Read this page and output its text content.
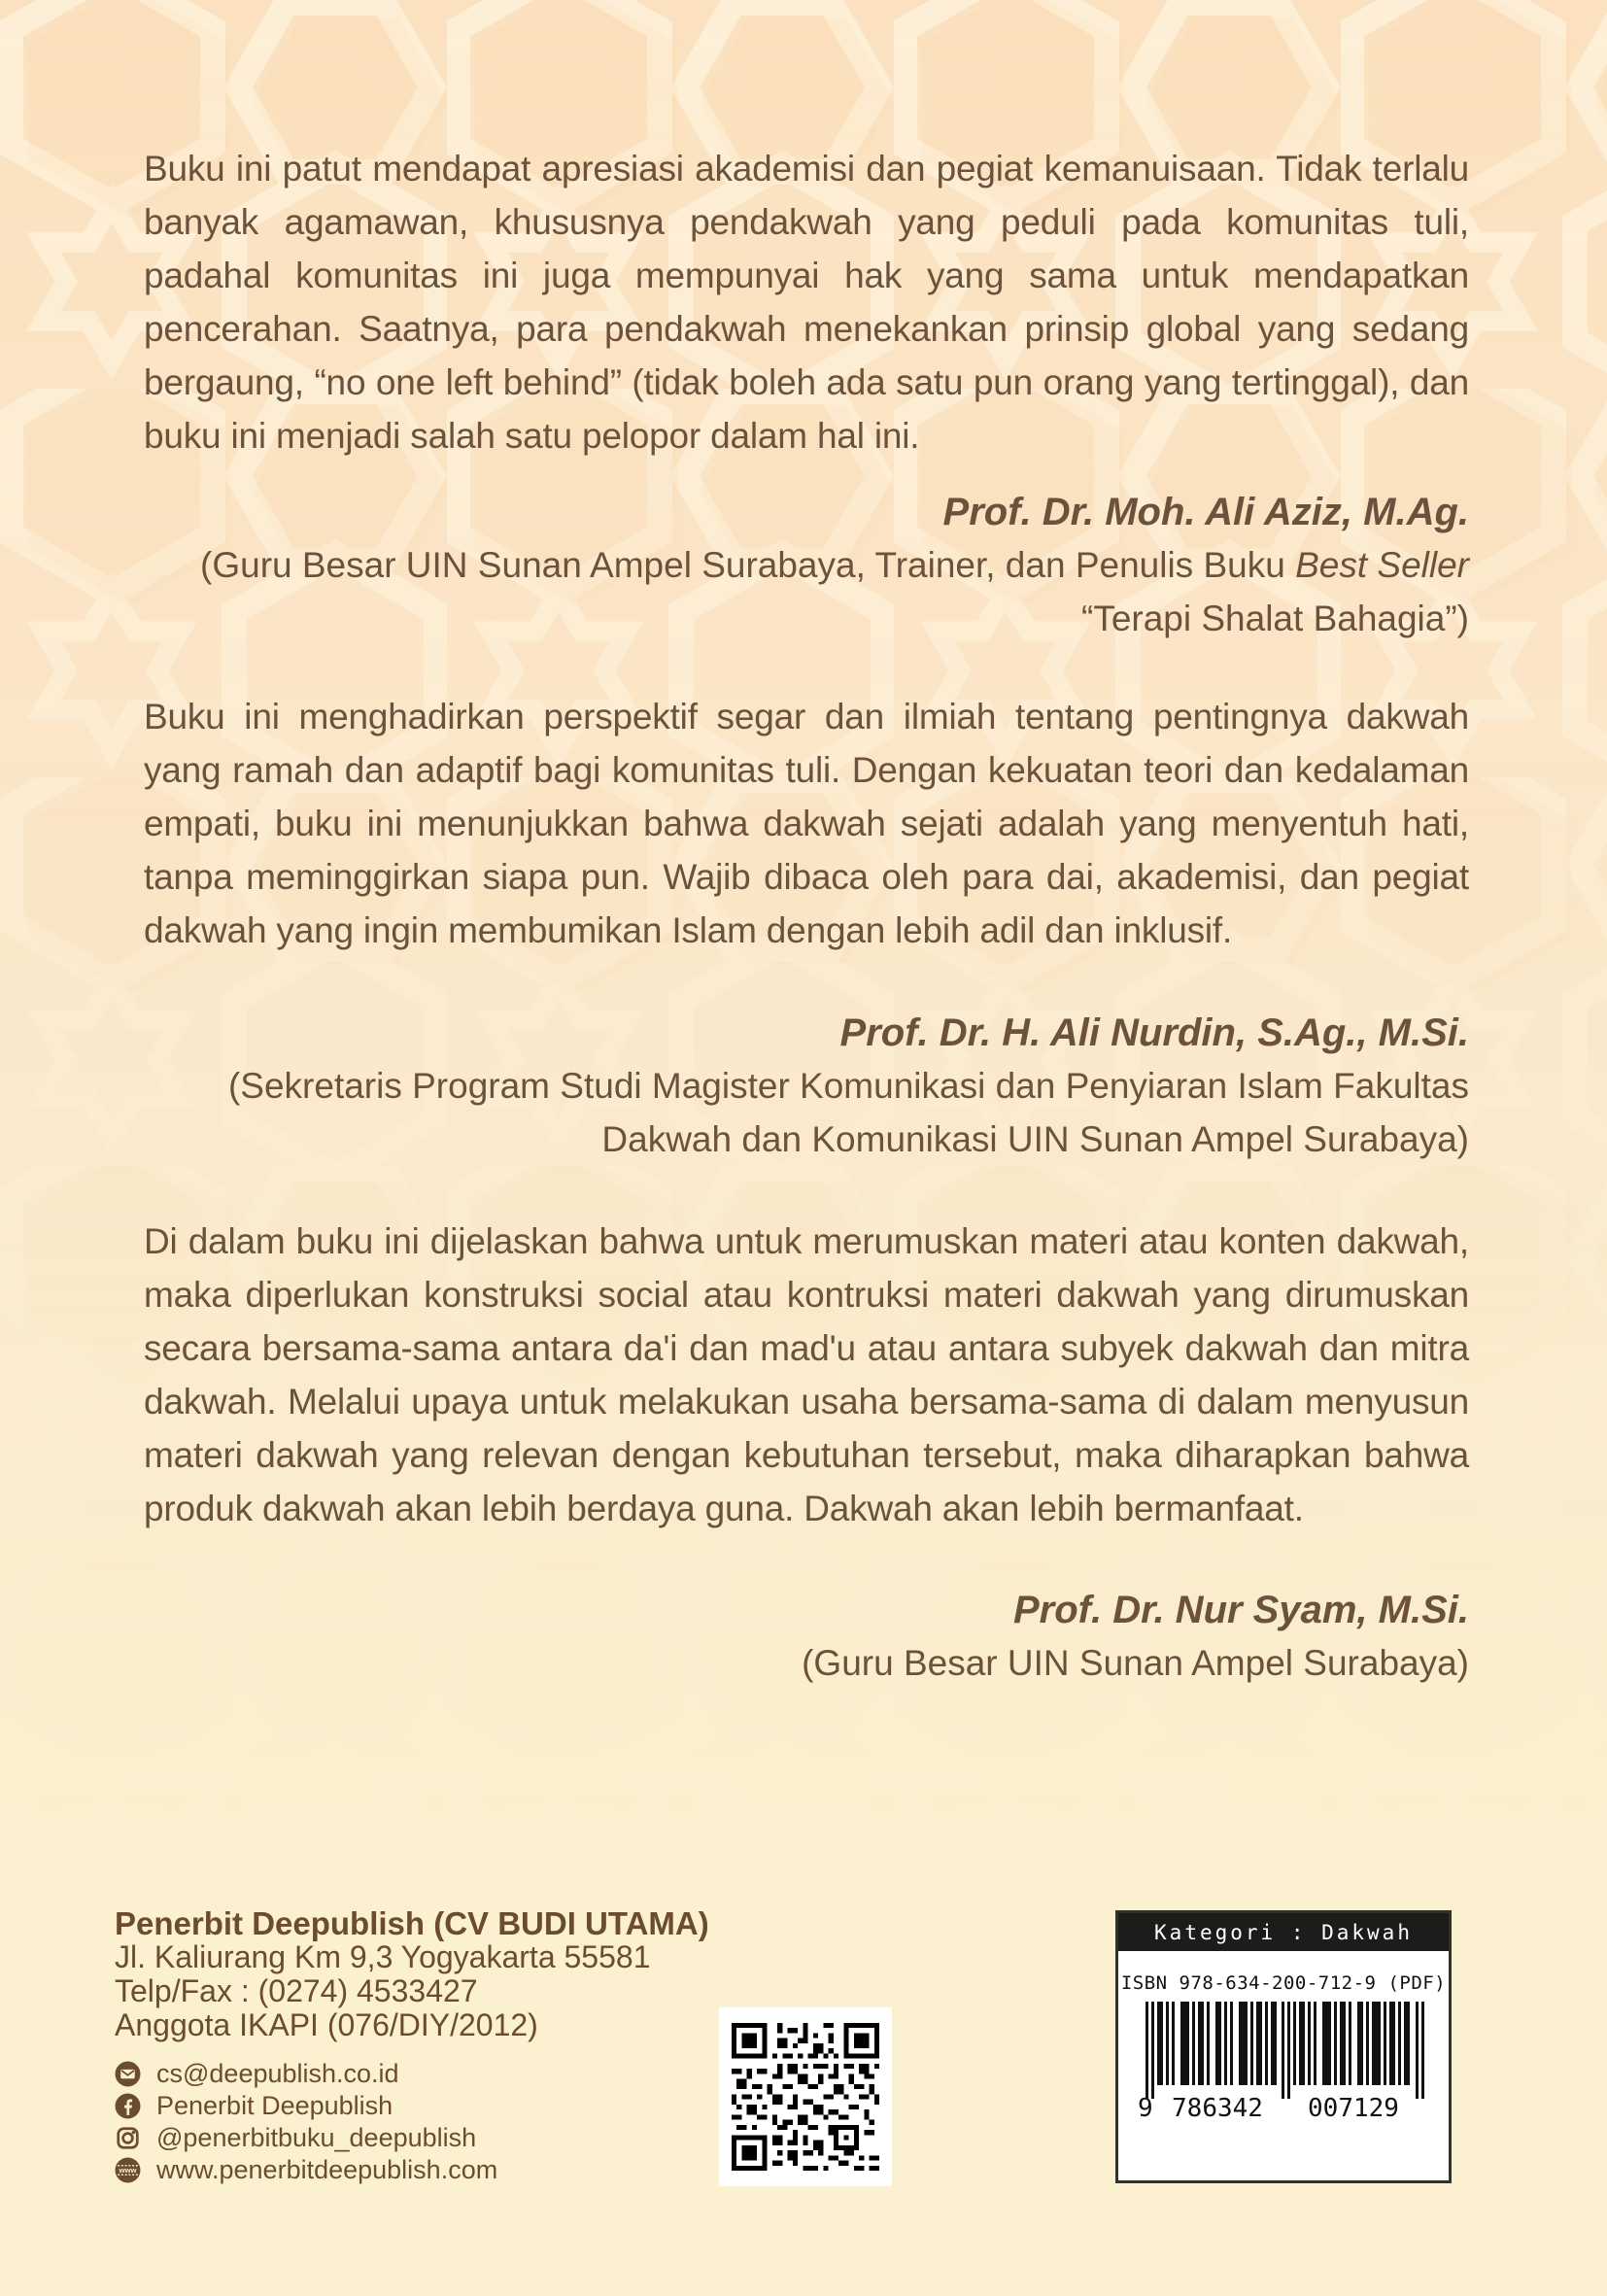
Buku ini patut mendapat apresiasi akademisi dan pegiat kemanuisaan. Tidak terlalu banyak agamawan, khususnya pendakwah yang peduli pada komunitas tuli, padahal komunitas ini juga mempunyai hak yang sama untuk mendapatkan pencerahan. Saatnya, para pendakwah menekankan prinsip global yang sedang bergaung, “no one left behind” (tidak boleh ada satu pun orang yang tertinggal), dan buku ini menjadi salah satu pelopor dalam hal ini.

Prof. Dr. Moh. Ali Aziz, M.Ag.
(Guru Besar UIN Sunan Ampel Surabaya, Trainer, dan Penulis Buku Best Seller “Terapi Shalat Bahagia”)

Buku ini menghadirkan perspektif segar dan ilmiah tentang pentingnya dakwah yang ramah dan adaptif bagi komunitas tuli. Dengan kekuatan teori dan kedalaman empati, buku ini menunjukkan bahwa dakwah sejati adalah yang menyentuh hati, tanpa meminggirkan siapa pun. Wajib dibaca oleh para dai, akademisi, dan pegiat dakwah yang ingin membumikan Islam dengan lebih adil dan inklusif.

Prof. Dr. H. Ali Nurdin, S.Ag., M.Si.
(Sekretaris Program Studi Magister Komunikasi dan Penyiaran Islam Fakultas Dakwah dan Komunikasi UIN Sunan Ampel Surabaya)

Di dalam buku ini dijelaskan bahwa untuk merumuskan materi atau konten dakwah, maka diperlukan konstruksi social atau kontruksi materi dakwah yang dirumuskan secara bersama-sama antara da'i dan mad'u atau antara subyek dakwah dan mitra dakwah. Melalui upaya untuk melakukan usaha bersama-sama di dalam menyusun materi dakwah yang relevan dengan kebutuhan tersebut, maka diharapkan bahwa produk dakwah akan lebih berdaya guna. Dakwah akan lebih bermanfaat.

Prof. Dr. Nur Syam, M.Si.
(Guru Besar UIN Sunan Ampel Surabaya)
Penerbit Deepublish (CV BUDI UTAMA)
Jl. Kaliurang Km 9,3 Yogyakarta 55581
Telp/Fax : (0274) 4533427
Anggota IKAPI (076/DIY/2012)
cs@deepublish.co.id
Penerbit Deepublish
@penerbitbuku_deepublish
www www.penerbitdeepublish.com
Kategori : Dakwah
ISBN 978-634-200-712-9 (PDF)
9 786342 007129
